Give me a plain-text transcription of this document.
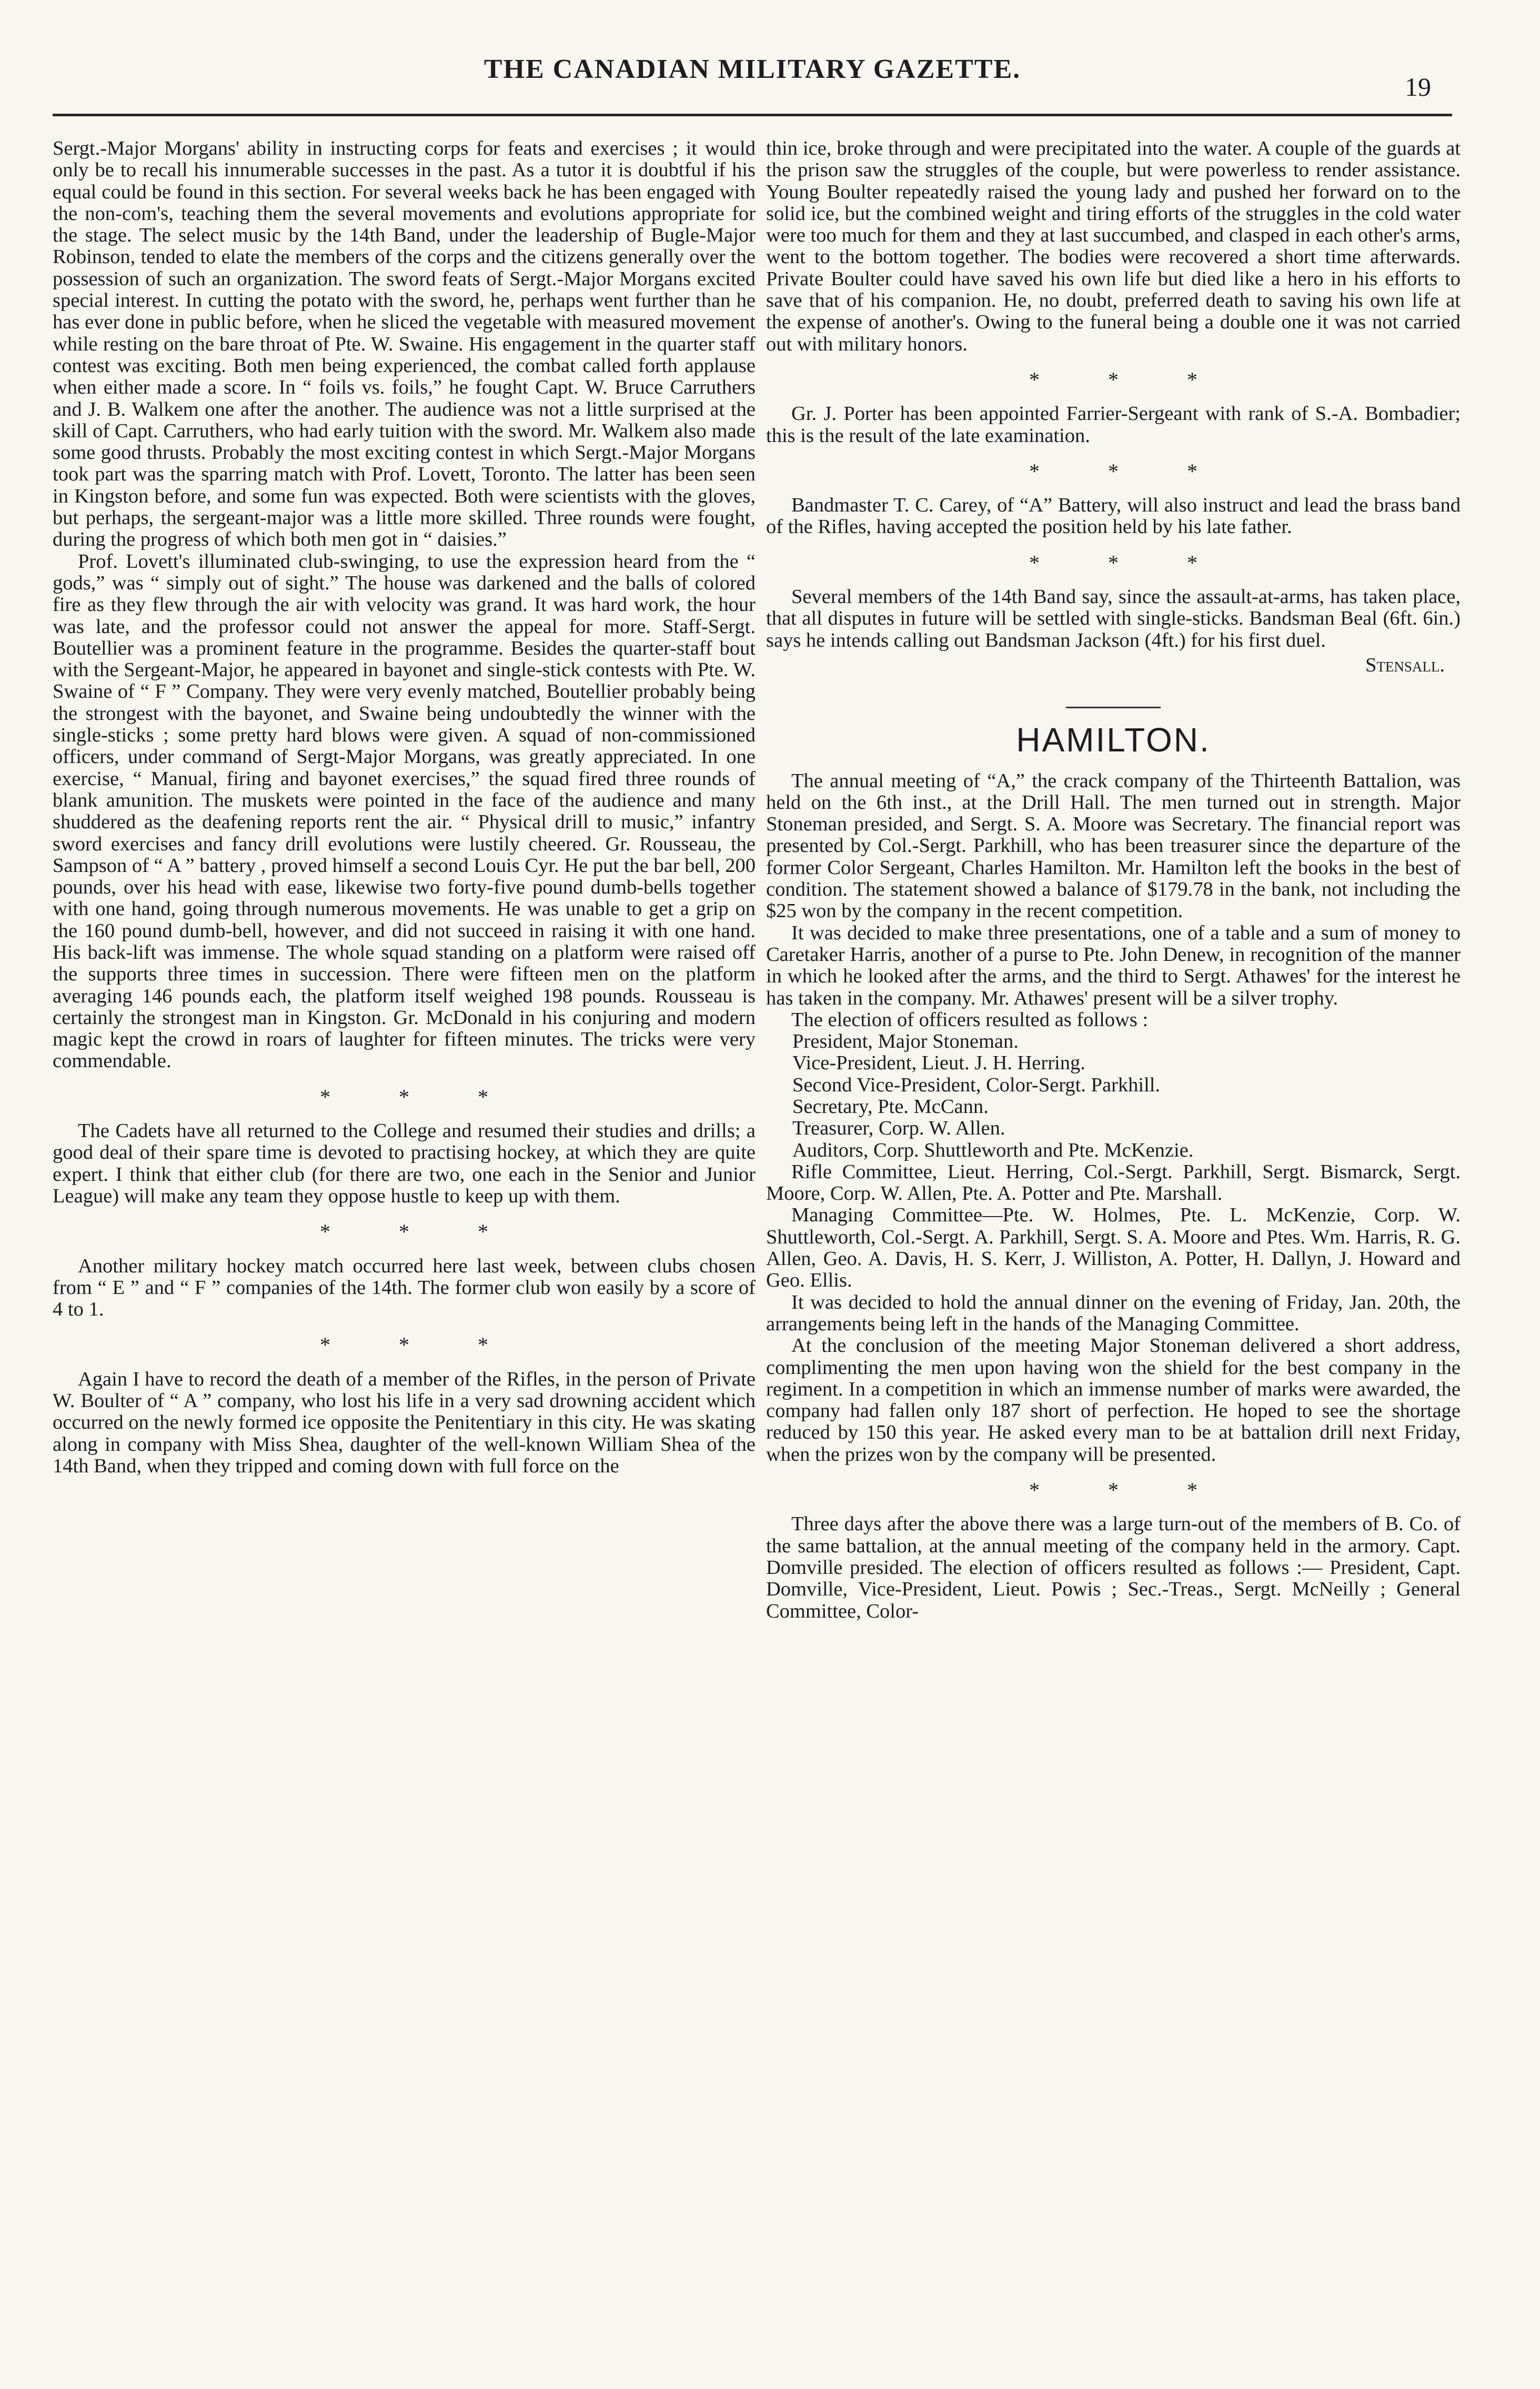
THE CANADIAN MILITARY GAZETTE.
19

Sergt.-Major Morgans' ability in instructing corps for feats and exercises ; it would only be to recall his innumerable successes in the past. As a tutor it is doubtful if his equal could be found in this section. For several weeks back he has been engaged with the non-com's, teaching them the several movements and evolutions appropriate for the stage. The select music by the 14th Band, under the leadership of Bugle-Major Robinson, tended to elate the members of the corps and the citizens generally over the possession of such an organization. The sword feats of Sergt.-Major Morgans excited special interest. In cutting the potato with the sword, he, perhaps went further than he has ever done in public before, when he sliced the vegetable with measured movement while resting on the bare throat of Pte. W. Swaine. His engagement in the quarter staff contest was exciting. Both men being experienced, the combat called forth applause when either made a score. In “ foils vs. foils,” he fought Capt. W. Bruce Carruthers and J. B. Walkem one after the another. The audience was not a little surprised at the skill of Capt. Carruthers, who had early tuition with the sword. Mr. Walkem also made some good thrusts. Probably the most exciting contest in which Sergt.-Major Morgans took part was the sparring match with Prof. Lovett, Toronto. The latter has been seen in Kingston before, and some fun was expected. Both were scientists with the gloves, but perhaps, the sergeant-major was a little more skilled. Three rounds were fought, during the progress of which both men got in “ daisies.”

Prof. Lovett's illuminated club-swinging, to use the expression heard from the “ gods,” was “ simply out of sight.” The house was darkened and the balls of colored fire as they flew through the air with velocity was grand. It was hard work, the hour was late, and the professor could not answer the appeal for more. Staff-Sergt. Boutellier was a prominent feature in the programme. Besides the quarter-staff bout with the Sergeant-Major, he appeared in bayonet and single-stick contests with Pte. W. Swaine of “ F ” Company. They were very evenly matched, Boutellier probably being the strongest with the bayonet, and Swaine being undoubtedly the winner with the single-sticks ; some pretty hard blows were given. A squad of non-commissioned officers, under command of Sergt-Major Morgans, was greatly appreciated. In one exercise, “ Manual, firing and bayonet exercises,” the squad fired three rounds of blank amunition. The muskets were pointed in the face of the audience and many shuddered as the deafening reports rent the air. “ Physical drill to music,” infantry sword exercises and fancy drill evolutions were lustily cheered. Gr. Rousseau, the Sampson of “ A ” battery , proved himself a second Louis Cyr. He put the bar bell, 200 pounds, over his head with ease, likewise two forty-five pound dumb-bells together with one hand, going through numerous movements. He was unable to get a grip on the 160 pound dumb-bell, however, and did not succeed in raising it with one hand. His back-lift was immense. The whole squad standing on a platform were raised off the supports three times in succession. There were fifteen men on the platform averaging 146 pounds each, the platform itself weighed 198 pounds. Rousseau is certainly the strongest man in Kingston. Gr. McDonald in his conjuring and modern magic kept the crowd in roars of laughter for fifteen minutes. The tricks were very commendable.

* * *

The Cadets have all returned to the College and resumed their studies and drills; a good deal of their spare time is devoted to practising hockey, at which they are quite expert. I think that either club (for there are two, one each in the Senior and Junior League) will make any team they oppose hustle to keep up with them.

* * *

Another military hockey match occurred here last week, between clubs chosen from “ E ” and “ F ” companies of the 14th. The former club won easily by a score of 4 to 1.

* * *

Again I have to record the death of a member of the Rifles, in the person of Private W. Boulter of “ A ” company, who lost his life in a very sad drowning accident which occurred on the newly formed ice opposite the Penitentiary in this city. He was skating along in company with Miss Shea, daughter of the well-known William Shea of the 14th Band, when they tripped and coming down with full force on the

thin ice, broke through and were precipitated into the water. A couple of the guards at the prison saw the struggles of the couple, but were powerless to render assistance. Young Boulter repeatedly raised the young lady and pushed her forward on to the solid ice, but the combined weight and tiring efforts of the struggles in the cold water were too much for them and they at last succumbed, and clasped in each other's arms, went to the bottom together. The bodies were recovered a short time afterwards. Private Boulter could have saved his own life but died like a hero in his efforts to save that of his companion. He, no doubt, preferred death to saving his own life at the expense of another's. Owing to the funeral being a double one it was not carried out with military honors.

* * *

Gr. J. Porter has been appointed Farrier-Sergeant with rank of S.-A. Bombadier; this is the result of the late examination.

* * *

Bandmaster T. C. Carey, of “A” Battery, will also instruct and lead the brass band of the Rifles, having accepted the position held by his late father.

* * *

Several members of the 14th Band say, since the assault-at-arms, has taken place, that all disputes in future will be settled with single-sticks. Bandsman Beal (6ft. 6in.) says he intends calling out Bandsman Jackson (4ft.) for his first duel.

Stensall.
HAMILTON.

The annual meeting of “A,” the crack company of the Thirteenth Battalion, was held on the 6th inst., at the Drill Hall. The men turned out in strength. Major Stoneman presided, and Sergt. S. A. Moore was Secretary. The financial report was presented by Col.-Sergt. Parkhill, who has been treasurer since the departure of the former Color Sergeant, Charles Hamilton. Mr. Hamilton left the books in the best of condition. The statement showed a balance of $179.78 in the bank, not including the $25 won by the company in the recent competition.

It was decided to make three presentations, one of a table and a sum of money to Caretaker Harris, another of a purse to Pte. John Denew, in recognition of the manner in which he looked after the arms, and the third to Sergt. Athawes' for the interest he has taken in the company. Mr. Athawes' present will be a silver trophy.

The election of officers resulted as follows :

President, Major Stoneman.
Vice-President, Lieut. J. H. Herring.
Second Vice-President, Color-Sergt. Parkhill.
Secretary, Pte. McCann.
Treasurer, Corp. W. Allen.
Auditors, Corp. Shuttleworth and Pte. McKenzie.

Rifle Committee, Lieut. Herring, Col.-Sergt. Parkhill, Sergt. Bismarck, Sergt. Moore, Corp. W. Allen, Pte. A. Potter and Pte. Marshall.

Managing Committee—Pte. W. Holmes, Pte. L. McKenzie, Corp. W. Shuttleworth, Col.-Sergt. A. Parkhill, Sergt. S. A. Moore and Ptes. Wm. Harris, R. G. Allen, Geo. A. Davis, H. S. Kerr, J. Williston, A. Potter, H. Dallyn, J. Howard and Geo. Ellis.

It was decided to hold the annual dinner on the evening of Friday, Jan. 20th, the arrangements being left in the hands of the Managing Committee.

At the conclusion of the meeting Major Stoneman delivered a short address, complimenting the men upon having won the shield for the best company in the regiment. In a competition in which an immense number of marks were awarded, the company had fallen only 187 short of perfection. He hoped to see the shortage reduced by 150 this year. He asked every man to be at battalion drill next Friday, when the prizes won by the company will be presented.

* * *

Three days after the above there was a large turn-out of the members of B. Co. of the same battalion, at the annual meeting of the company held in the armory. Capt. Domville presided. The election of officers resulted as follows :— President, Capt. Domville, Vice-President, Lieut. Powis ; Sec.-Treas., Sergt. McNeilly ; General Committee, Color-
